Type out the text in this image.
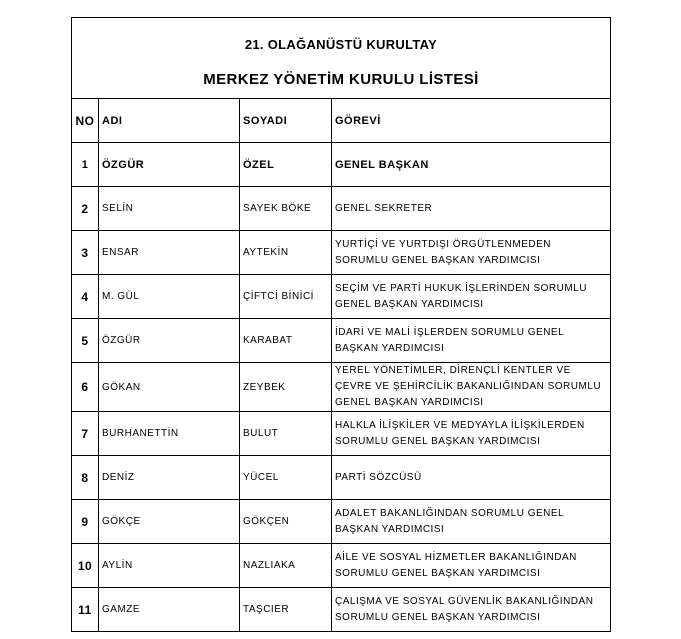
21. OLAĞANÜSTÜ KURULTAY
MERKEZ YÖNETİM KURULU LİSTESİ			

NO	ADI	SOYADI	GÖREVİ
1	ÖZGÜR	ÖZEL	GENEL BAŞKAN
2	SELİN	SAYEK BÖKE	GENEL SEKRETER
3	ENSAR	AYTEKİN	YURTİÇİ VE YURTDIŞI ÖRGÜTLENMEDEN SORUMLU GENEL BAŞKAN YARDIMCISI
4	M. GÜL	ÇİFTCİ BİNİCİ	SEÇİM VE PARTİ HUKUK İŞLERİNDEN SORUMLU GENEL BAŞKAN YARDIMCISI
5	ÖZGÜR	KARABAT	İDARİ VE MALİ İŞLERDEN SORUMLU GENEL BAŞKAN YARDIMCISI
6	GÖKAN	ZEYBEK	YEREL YÖNETİMLER, DİRENÇLİ KENTLER VE ÇEVRE VE ŞEHİRCİLİK BAKANLIĞINDAN SORUMLU GENEL BAŞKAN YARDIMCISI
7	BURHANETTİN	BULUT	HALKLA İLİŞKİLER VE MEDYAYLA İLİŞKİLERDEN SORUMLU GENEL BAŞKAN YARDIMCISI
8	DENİZ	YÜCEL	PARTİ SÖZCÜSÜ
9	GÖKÇE	GÖKÇEN	ADALET BAKANLIĞINDAN SORUMLU GENEL BAŞKAN YARDIMCISI
10	AYLİN	NAZLIAKA	AİLE VE SOSYAL HİZMETLER BAKANLIĞINDAN SORUMLU GENEL BAŞKAN YARDIMCISI
11	GAMZE	TAŞCIER	ÇALIŞMA VE SOSYAL GÜVENLİK BAKANLIĞINDAN SORUMLU GENEL BAŞKAN YARDIMCISI
